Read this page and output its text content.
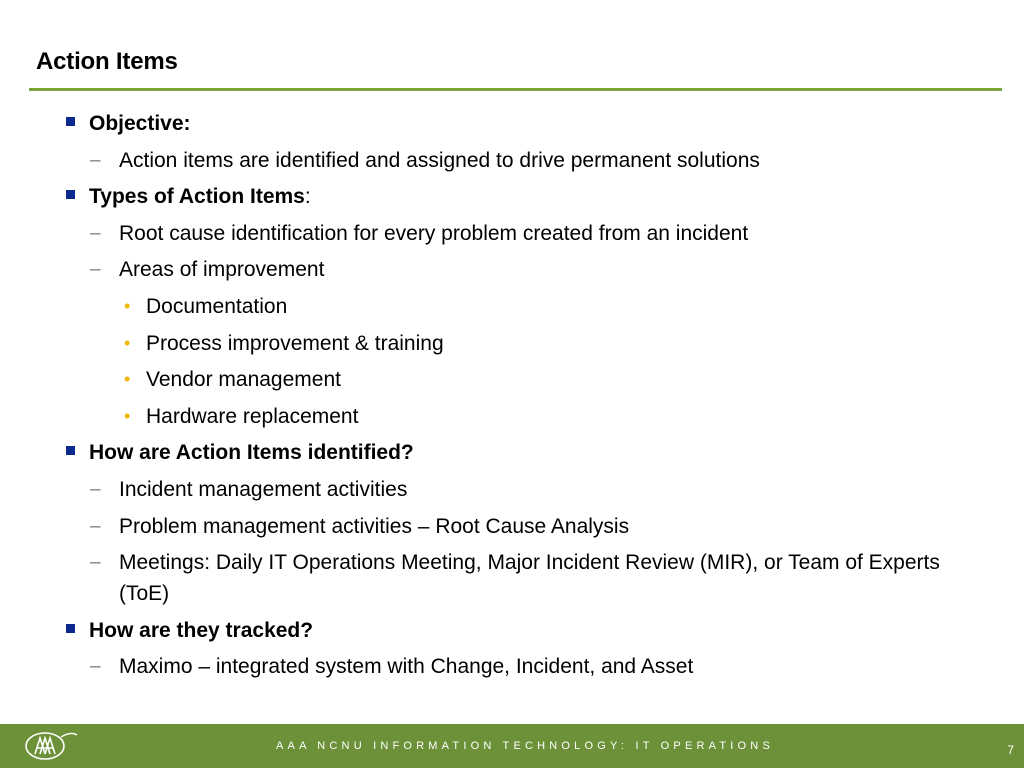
Action Items
Objective:
– Action items are identified and assigned to drive permanent solutions
Types of Action Items:
– Root cause identification for every problem created from an incident
– Areas of improvement
• Documentation
• Process improvement & training
• Vendor management
• Hardware replacement
How are Action Items identified?
– Incident management activities
– Problem management activities – Root Cause Analysis
– Meetings: Daily IT Operations Meeting, Major Incident Review (MIR), or Team of Experts (ToE)
How are they tracked?
– Maximo – integrated system with Change, Incident, and Asset
AAA NCNU INFORMATION TECHNOLOGY: IT OPERATIONS	7
